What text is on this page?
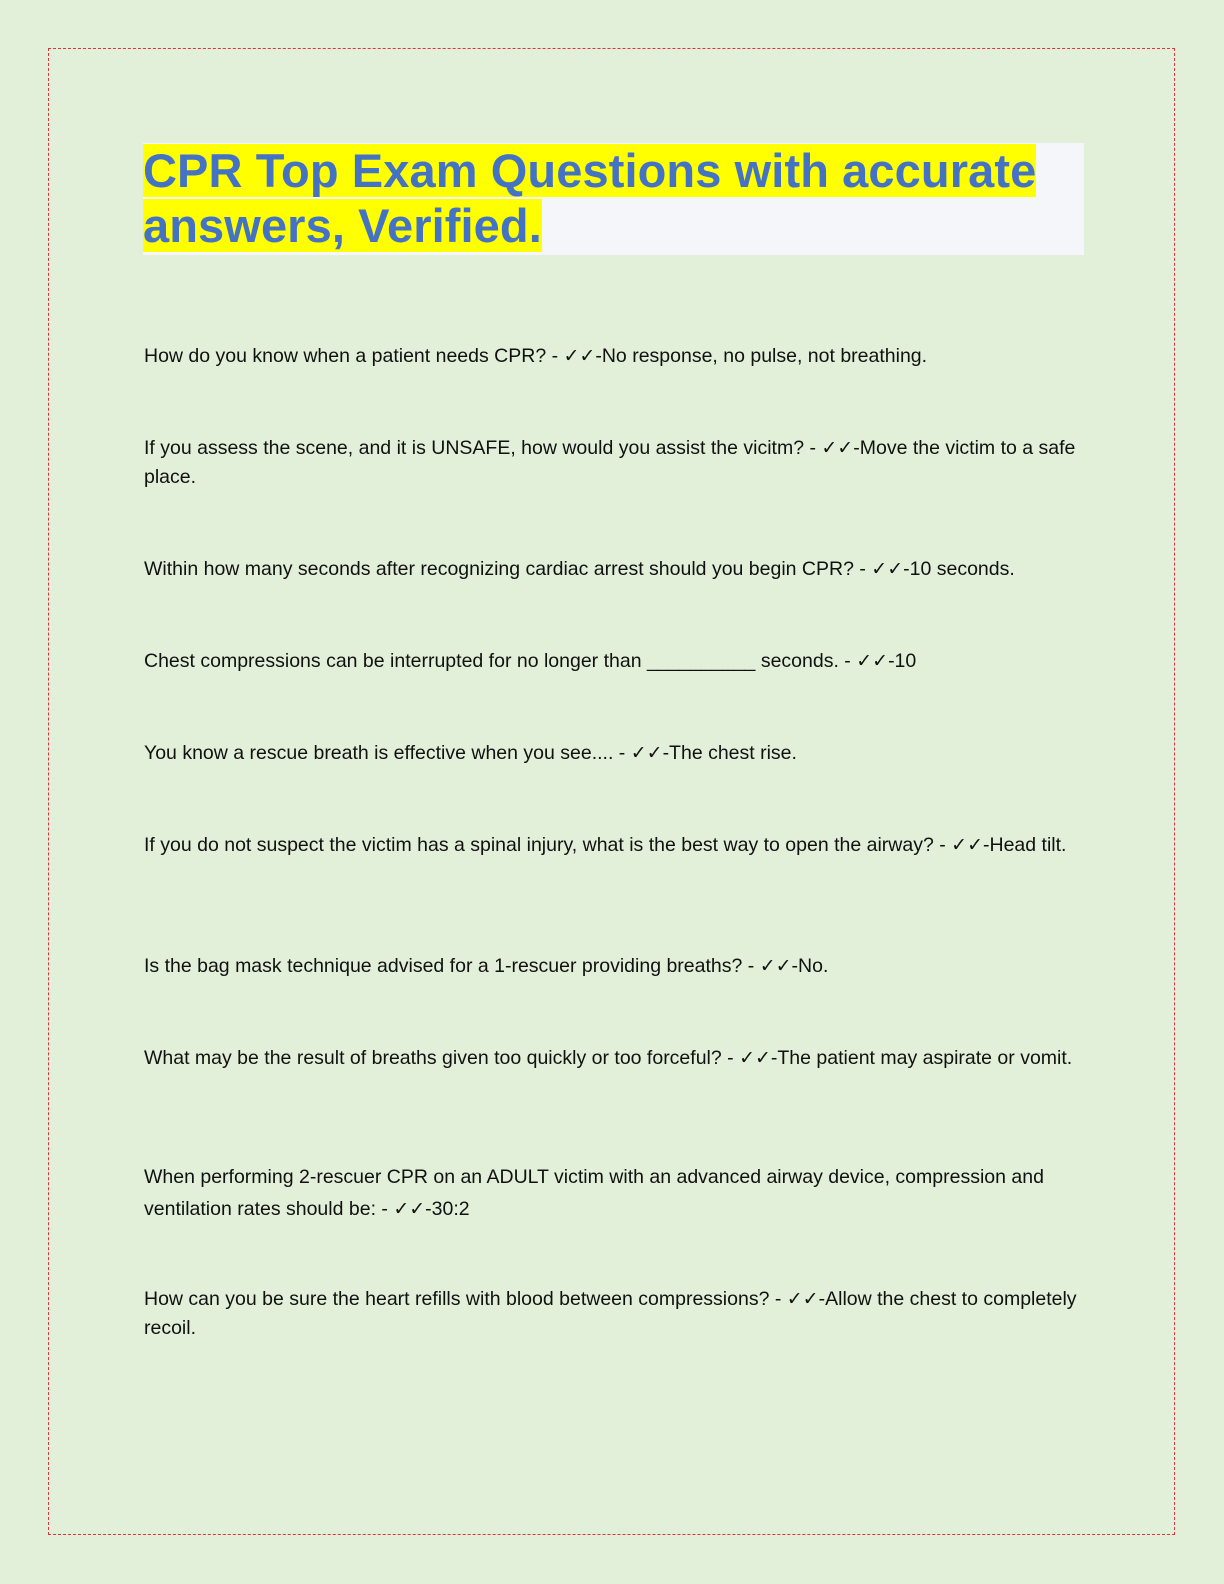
CPR Top Exam Questions with accurate answers, Verified.

How do you know when a patient needs CPR? - ✓✓-No response, no pulse, not breathing.

If you assess the scene, and it is UNSAFE, how would you assist the vicitm? - ✓✓-Move the victim to a safe place.

Within how many seconds after recognizing cardiac arrest should you begin CPR? - ✓✓-10 seconds.

Chest compressions can be interrupted for no longer than __________ seconds. - ✓✓-10

You know a rescue breath is effective when you see.... - ✓✓-The chest rise.

If you do not suspect the victim has a spinal injury, what is the best way to open the airway? - ✓✓-Head tilt.

Is the bag mask technique advised for a 1-rescuer providing breaths? - ✓✓-No.

What may be the result of breaths given too quickly or too forceful? - ✓✓-The patient may aspirate or vomit.

When performing 2-rescuer CPR on an ADULT victim with an advanced airway device, compression and ventilation rates should be: - ✓✓-30:2

How can you be sure the heart refills with blood between compressions? - ✓✓-Allow the chest to completely recoil.
